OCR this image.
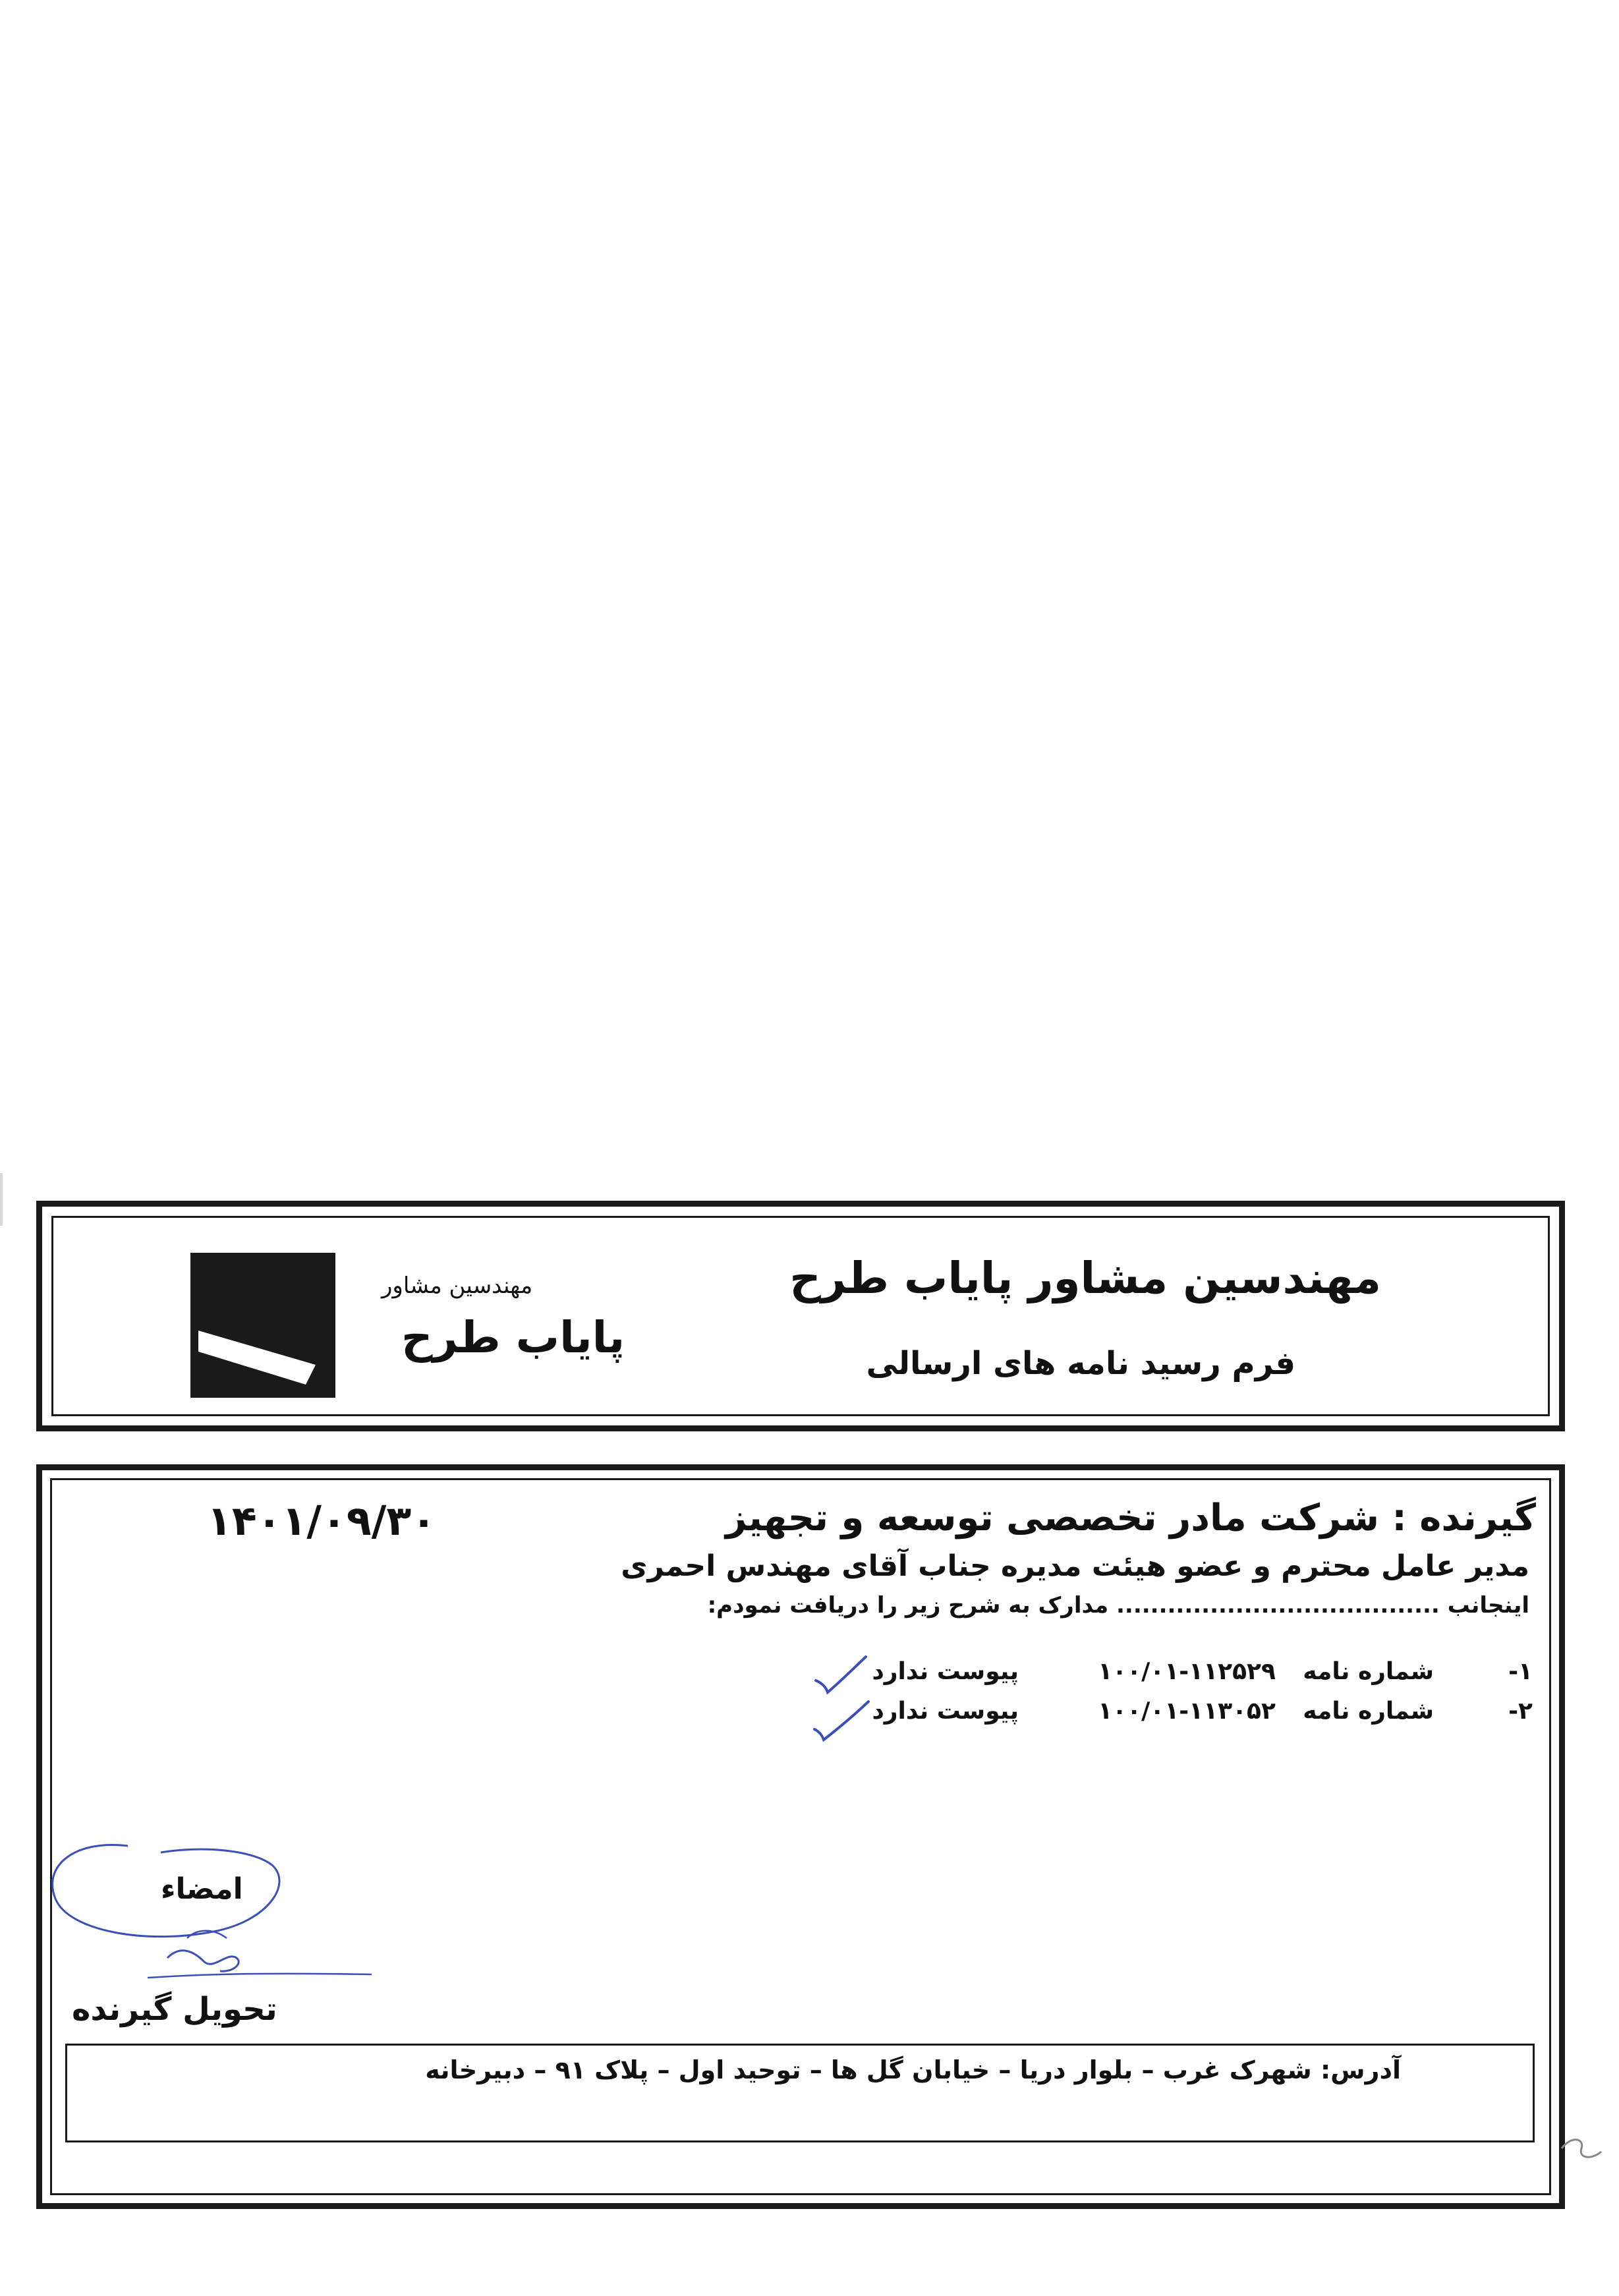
مهندسین مشاور پایاب طرح
فرم رسید نامه های ارسالی
مهندسین مشاور
پایاب طرح
۱۴۰۱/۰۹/۳۰	گیرنده : شرکت مادر تخصصی توسعه و تجهیز
مدیر عامل محترم و عضو هیئت مدیره جناب آقای مهندس احمری
اینجانب ...................................... مدارک به شرح زیر را دریافت نمودم:
۱-
شماره نامه
۱۰۰/۰۱-۱۱۲۵۲۹
پیوست ندارد
۲-
شماره نامه
۱۰۰/۰۱-۱۱۳۰۵۲
پیوست ندارد
امضاء
تحویل گیرنده
آدرس: شهرک غرب – بلوار دریا – خیابان گل ها – توحید اول – پلاک ۹۱ – دبیرخانه
